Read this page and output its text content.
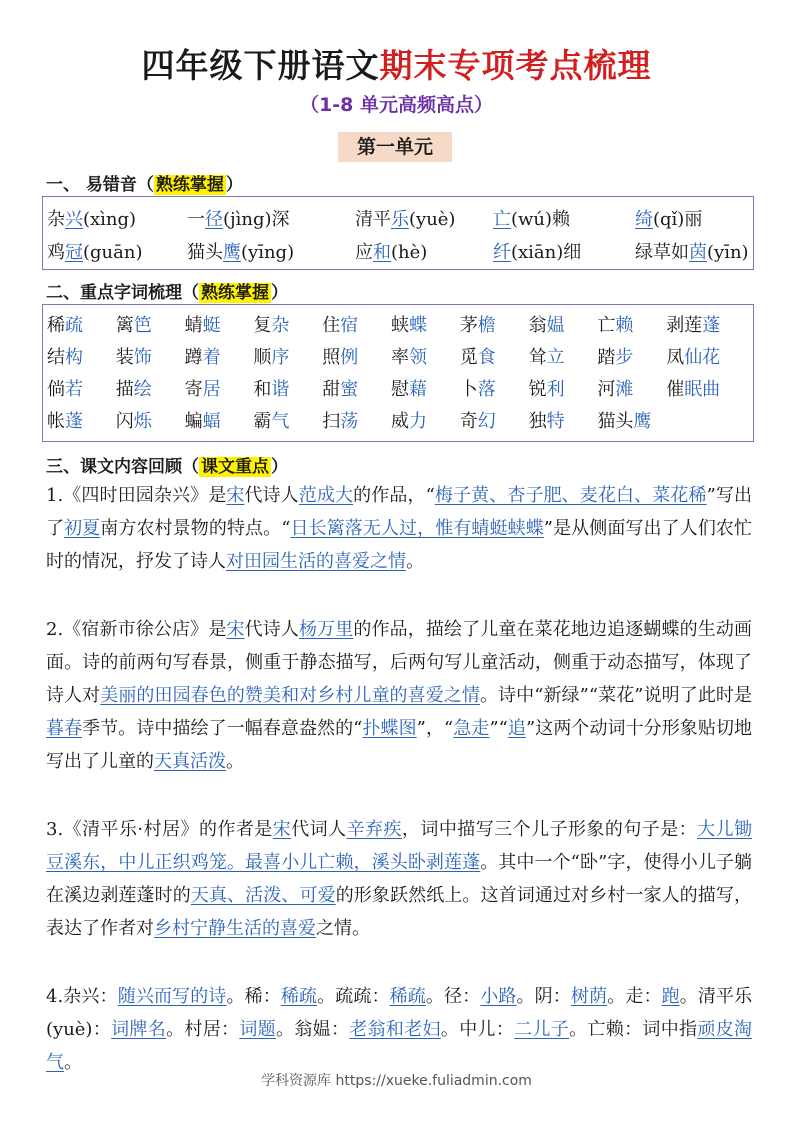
四年级下册语文期末专项考点梳理
（1-8 单元高频高点）
第一单元
一、 易错音（ 熟练掌握 ）
杂兴(xìng)	一径(jìng)深	清平乐(yuè) 亡(wú)赖	绮(qǐ)丽
鸡冠(guān) 猫头鹰(yīng)	应和(hè)	纤(xiān)细	绿草如茵(yīn)
二、重点字词梳理（ 熟练掌握 ）
稀疏 篱笆 蜻蜓 复杂 住宿 蛱蝶 茅檐 翁媪 亡赖 剥莲蓬
结构 装饰 蹲着 顺序 照例 率领 觅食 耸立 踏步 凤仙花
倘若 描绘 寄居 和谐 甜蜜 慰藉 卜落 锐利 河滩 催眠曲
帐蓬 闪烁 蝙蝠 霸气 扫荡 威力 奇幻 独特 猫头鹰
三、课文内容回顾（ 课文重点 ）
1.《四时田园杂兴》是宋代诗人范成大的作品，“梅子黄、杏子肥、麦花白、菜花稀”写出了初夏南方农村景物的特点。“日长篱落无人过，惟有蜻蜓蛱蝶”是从侧面写出了人们农忙时的情况，抒发了诗人对田园生活的喜爱之情。
2.《宿新市徐公店》是宋代诗人杨万里的作品，描绘了儿童在菜花地边追逐蝴蝶的生动画面。诗的前两句写春景，侧重于静态描写，后两句写儿童活动，侧重于动态描写，体现了诗人对美丽的田园春色的赞美和对乡村儿童的喜爱之情。诗中“新绿”“菜花”说明了此时是暮春季节。诗中描绘了一幅春意盎然的“扑蝶图”，“急走”“追”这两个动词十分形象贴切地写出了儿童的天真活泼。
3.《清平乐·村居》的作者是宋代词人辛弃疾，词中描写三个儿子形象的句子是：大儿锄豆溪东，中儿正织鸡笼。最喜小儿亡赖，溪头卧剥莲蓬。其中一个“卧”字，使得小儿子躺在溪边剥莲蓬时的天真、活泼、可爱的形象跃然纸上。这首词通过对乡村一家人的描写，表达了作者对乡村宁静生活的喜爱之情。
4.杂兴：随兴而写的诗。稀：稀疏。疏疏：稀疏。径：小路。阴：树荫。走：跑。清平乐(yuè)：词牌名。村居：词题。翁媪：老翁和老妇。中儿：二儿子。亡赖：词中指顽皮淘气。
学科资源库 https://xueke.fuliadmin.com
